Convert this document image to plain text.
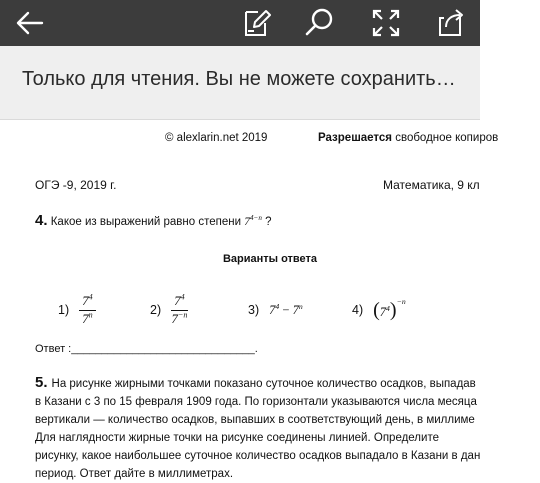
Только для чтения. Вы не можете сохранить…
© alexlarin.net 2019	Разрешается свободное копиров
ОГЭ -9, 2019 г.	Математика, 9 кл
4. Какое из выражений равно степени $7^{4-n}$ ?
Варианты ответа
$1) \frac{7^4}{7^n}$	$2) \frac{7^4}{7^{-n}}$	3) $7^4 - 7^n$	4) $(7^4)^{-n}$
Ответ :______________________________.
5. На рисунке жирными точками показано суточное количество осадков, выпадав
в Казани с 3 по 15 февраля 1909 года. По горизонтали указываются числа месяца
вертикали — количество осадков, выпавших в соответствующий день, в миллиме
Для наглядности жирные точки на рисунке соединены линией. Определите
рисунку, какое наибольшее суточное количество осадков выпадало в Казани в дан
период. Ответ дайте в миллиметрах.
